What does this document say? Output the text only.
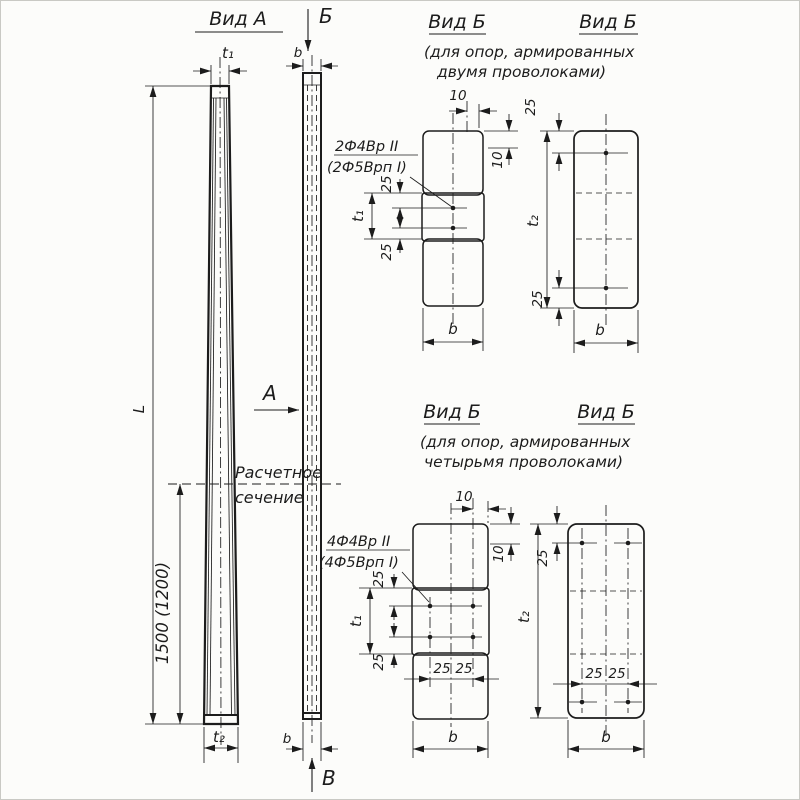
Вид А
t₁
L
1500 (1200)
Расчетное
сечение
t₂
Б
b
А
b
В
Вид Б	Вид Б
(для опор, армированных
двумя проволоками)
2Ф4Вр II
(2Ф5Врп I)
t₁
25
25
10
10
b
t₂
25
25
b
Вид Б	Вид Б
(для опор, армированных
четырьмя проволоками)
4Ф4Вр II
(4Ф5Врп I)
10
10
t₁
25
25	25 25
b
t₂
25
25 25
b
